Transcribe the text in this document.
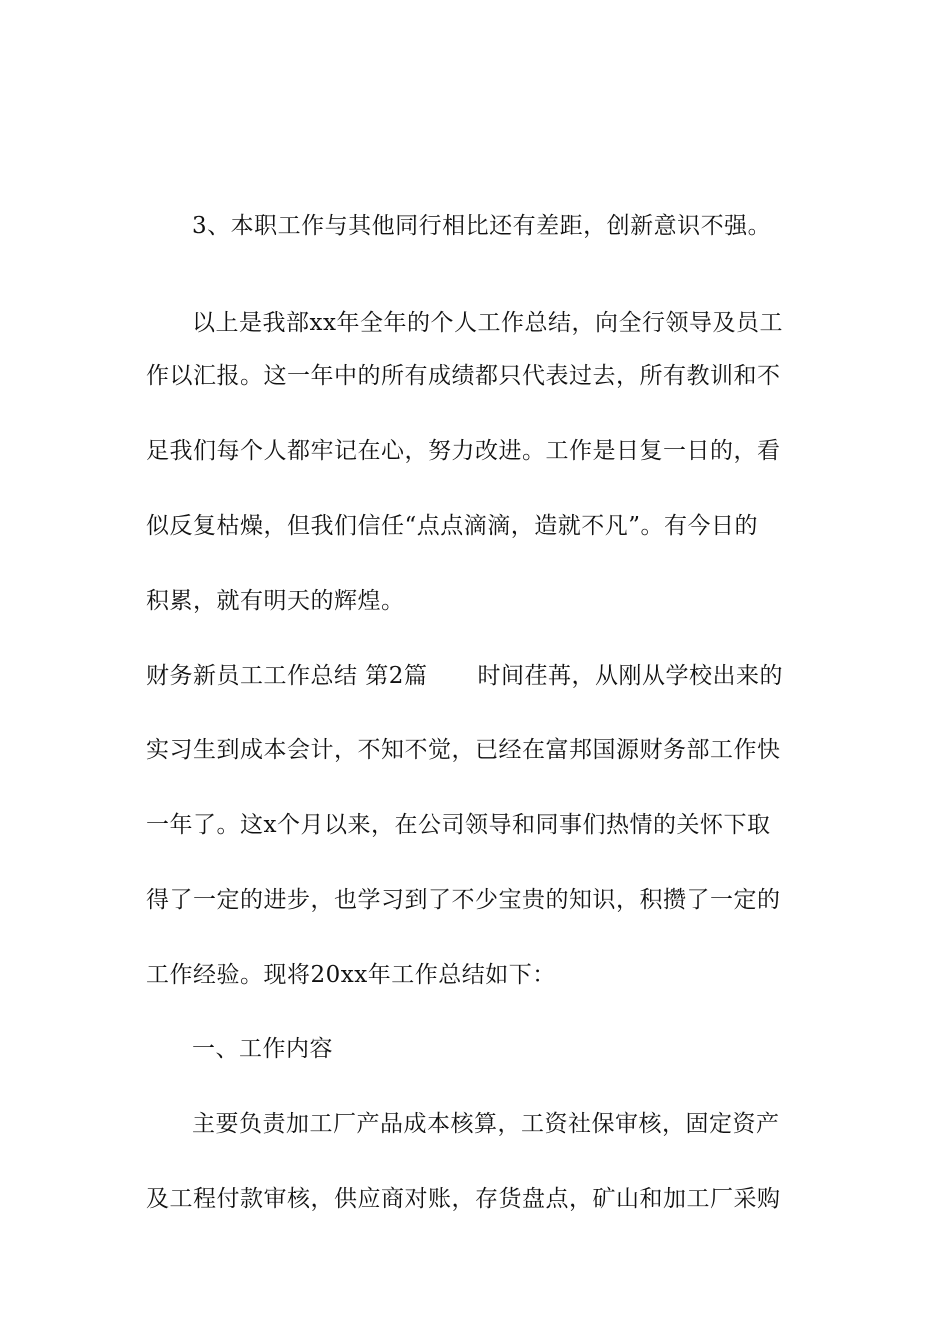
3、本职工作与其他同行相比还有差距，创新意识不强。
以上是我部xx年全年的个人工作总结，向全行领导及员工
作以汇报。这一年中的所有成绩都只代表过去，所有教训和不
足我们每个人都牢记在心，努力改进。工作是日复一日的，看
似反复枯燥，但我们信任“点点滴滴，造就不凡”。有今日的
积累，就有明天的辉煌。
财务新员工工作总结 第2篇 时间荏苒，从刚从学校出来的
实习生到成本会计，不知不觉，已经在富邦国源财务部工作快
一年了。这x个月以来，在公司领导和同事们热情的关怀下取
得了一定的进步，也学习到了不少宝贵的知识，积攒了一定的
工作经验。现将20xx年工作总结如下：
一、工作内容
主要负责加工厂产品成本核算，工资社保审核，固定资产
及工程付款审核，供应商对账，存货盘点，矿山和加工厂采购
